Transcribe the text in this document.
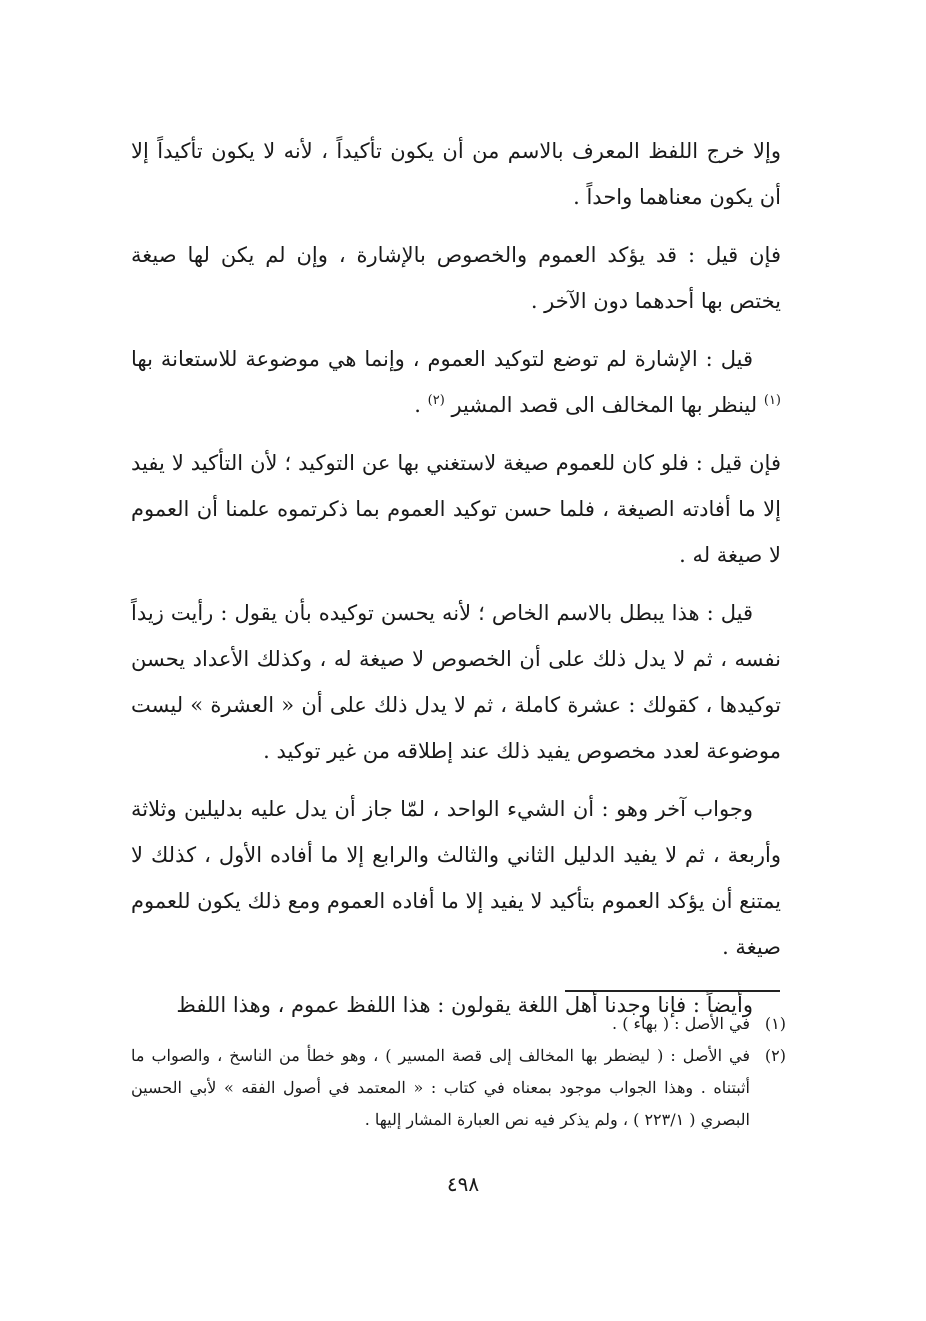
وإلا خرج اللفظ المعرف بالاسم من أن يكون تأكيداً ، لأنه لا يكون تأكيداً إلا أن يكون معناهما واحداً .

فإن قيل : قد يؤكد العموم والخصوص بالإشارة ، وإن لم يكن لها صيغة يختص بها أحدهما دون الآخر .

قيل : الإشارة لم توضع لتوكيد العموم ، وإنما هي موضوعة للاستعانة بها $^{(١)}$ لينظر بها المخالف الى قصد المشير $^{(٢)}$ .

فإن قيل : فلو كان للعموم صيغة لاستغني بها عن التوكيد ؛ لأن التأكيد لا يفيد إلا ما أفادته الصيغة ، فلما حسن توكيد العموم بما ذكرتموه علمنا أن العموم لا صيغة له .

قيل : هذا يبطل بالاسم الخاص ؛ لأنه يحسن توكيده بأن يقول : رأيت زيداً نفسه ، ثم لا يدل ذلك على أن الخصوص لا صيغة له ، وكذلك الأعداد يحسن توكيدها ، كقولك : عشرة كاملة ، ثم لا يدل ذلك على أن « العشرة » ليست موضوعة لعدد مخصوص يفيد ذلك عند إطلاقه من غير توكيد .

وجواب آخر وهو : أن الشيء الواحد ، لمّا جاز أن يدل عليه بدليلين وثلاثة وأربعة ، ثم لا يفيد الدليل الثاني والثالث والرابع إلا ما أفاده الأول ، كذلك لا يمتنع أن يؤكد العموم بتأكيد لا يفيد إلا ما أفاده العموم ومع ذلك يكون للعموم صيغة .

وأيضاً : فإنا وجدنا أهل اللغة يقولون : هذا اللفظ عموم ، وهذا اللفظ

(١)
في الأصل : ( بهاء ) .
(٢)
في الأصل : ( ليضطر بها المخالف إلى قصة المسير ) ، وهو خطأ من الناسخ ، والصواب ما أثبتناه . وهذا الجواب موجود بمعناه في كتاب : « المعتمد في أصول الفقه » لأبي الحسين البصري ( ٢٢٣/١ ) ، ولم يذكر فيه نص العبارة المشار إليها .
٤٩٨
